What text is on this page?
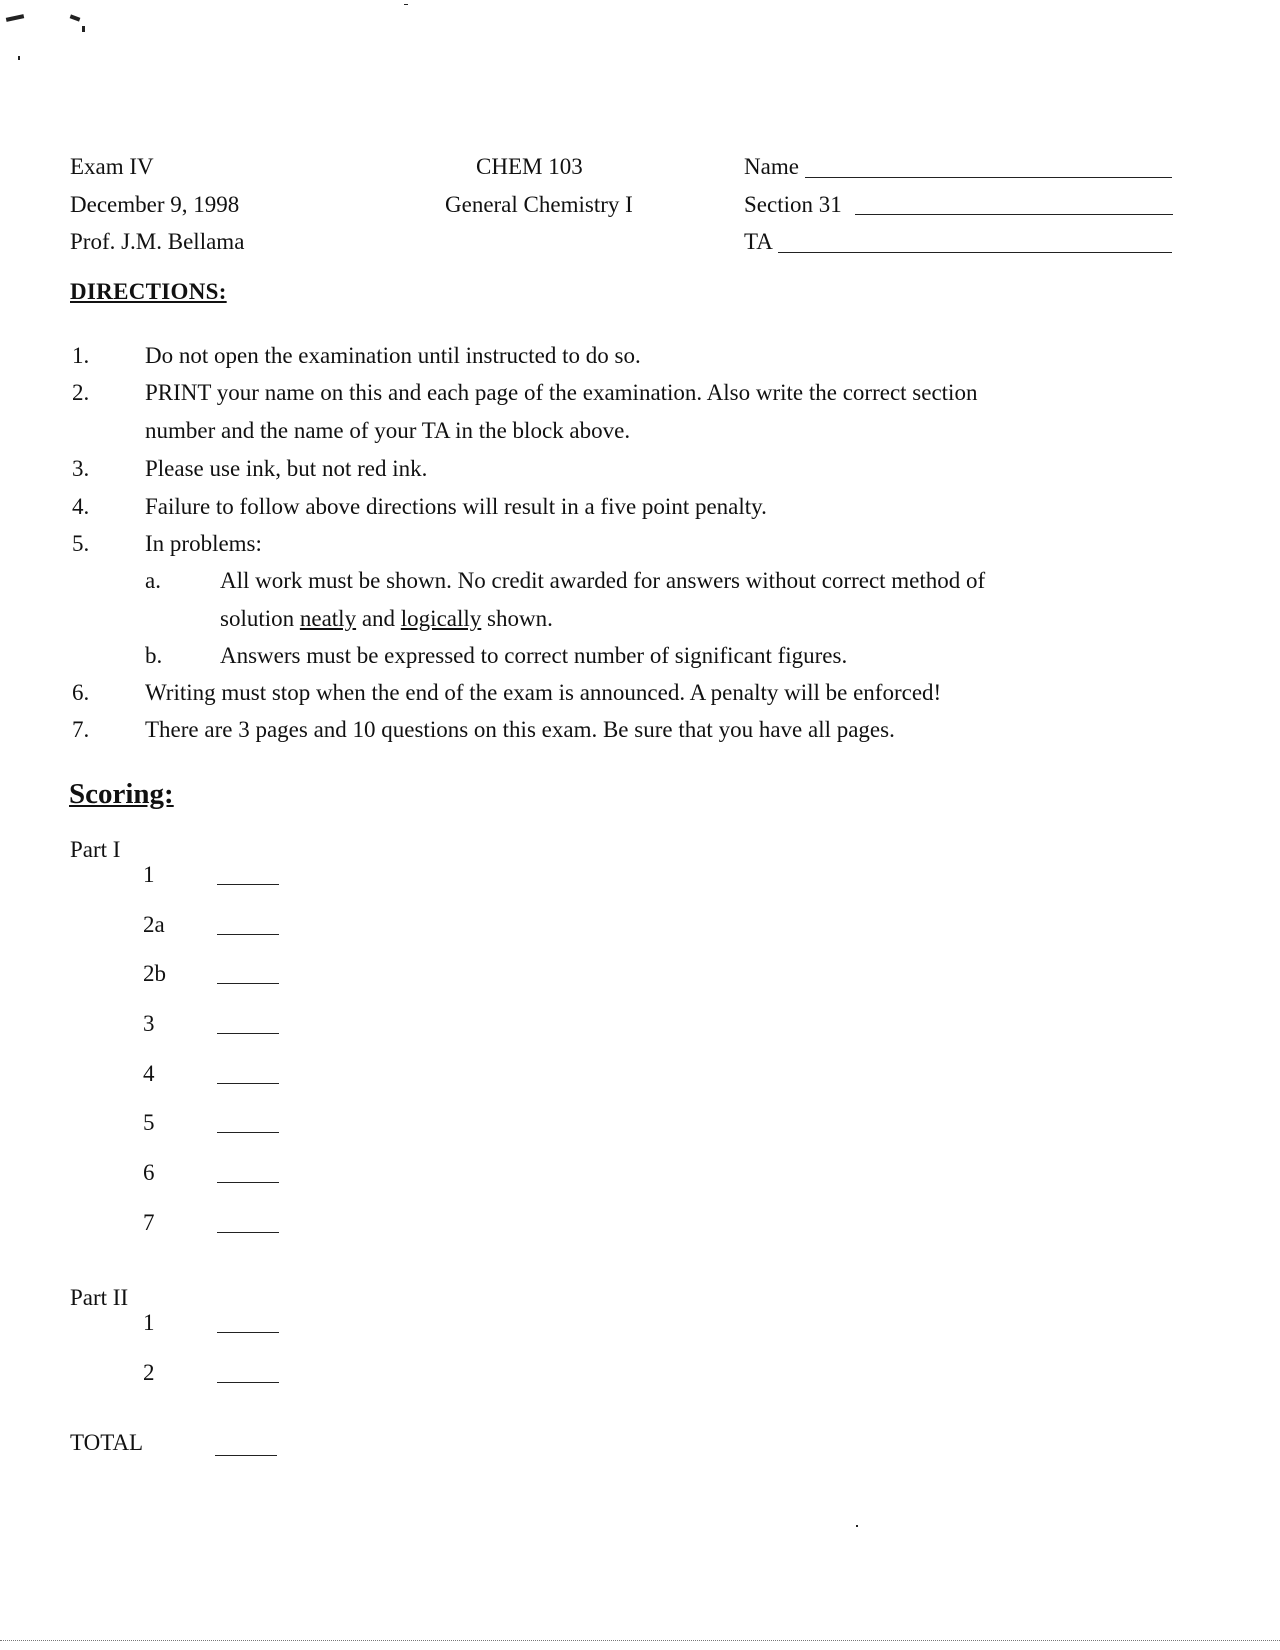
Exam IV
December 9, 1998
Prof. J.M. Bellama
CHEM 103
General Chemistry I
Name
Section 31
TA
DIRECTIONS:
1. Do not open the examination until instructed to do so.
2. PRINT your name on this and each page of the examination. Also write the correct section
number and the name of your TA in the block above.
3. Please use ink, but not red ink.
4. Failure to follow above directions will result in a five point penalty.
5. In problems:
a.	All work must be shown. No credit awarded for answers without correct method of
solution neatly and logically shown.
b.	Answers must be expressed to correct number of significant figures.
6. Writing must stop when the end of the exam is announced. A penalty will be enforced!
7. There are 3 pages and 10 questions on this exam. Be sure that you have all pages.
Scoring:
Part I
1
2a
2b
3
4
5
6
7
Part II
1
2
TOTAL
